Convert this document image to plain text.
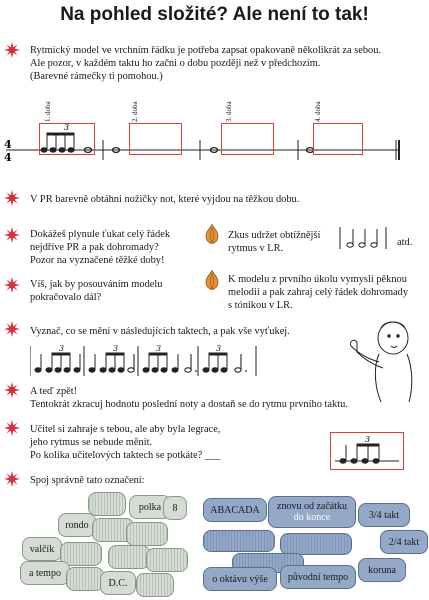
Na pohled složité? Ale není to tak!
Rytmický model ve vrchním řádku je potřeba zapsat opakovaně několikrát za sebou.
Ale pozor, v každém taktu ho začni o dobu později než v předchozím.
(Barevné rámečky ti pomohou.)
1. doba	2. doba	3. doba	4. doba
4
4
3
V PR barevně obtáhni nožičky not, které vyjdou na těžkou dobu.
Dokážeš plynule ťukat celý řádek
nejdříve PR a pak dohromady?
Pozor na vyznačené těžké doby!
Zkus udržet obtížnější
rytmus v LR.
atd.
Víš, jak by posouváním modelu
pokračovalo dál?
K modelu z prvního úkolu vymysli pěknou
melodii a pak zahraj celý řádek dohromady
s tónikou v LR.
Vyznač, co se mění v následujících taktech, a pak vše vyťukej.
3	3	3	3
A teď zpět!
Tentokrát zkracuj hodnotu poslední noty a dostaň se do rytmu prvního taktu.
Učitel si zahraje s tebou, ale aby byla legrace,
jeho rytmus se nebude měnit.
Po kolika učitelových taktech se potkáte? ___
3
Spoj správně tato označení:
polka	8
rondo
valčík
a tempo
D.C.
ABACADA	znovu od začátku
do konce	3/4 takt
2/4 takt
koruna
o oktávu výše	původní tempo
